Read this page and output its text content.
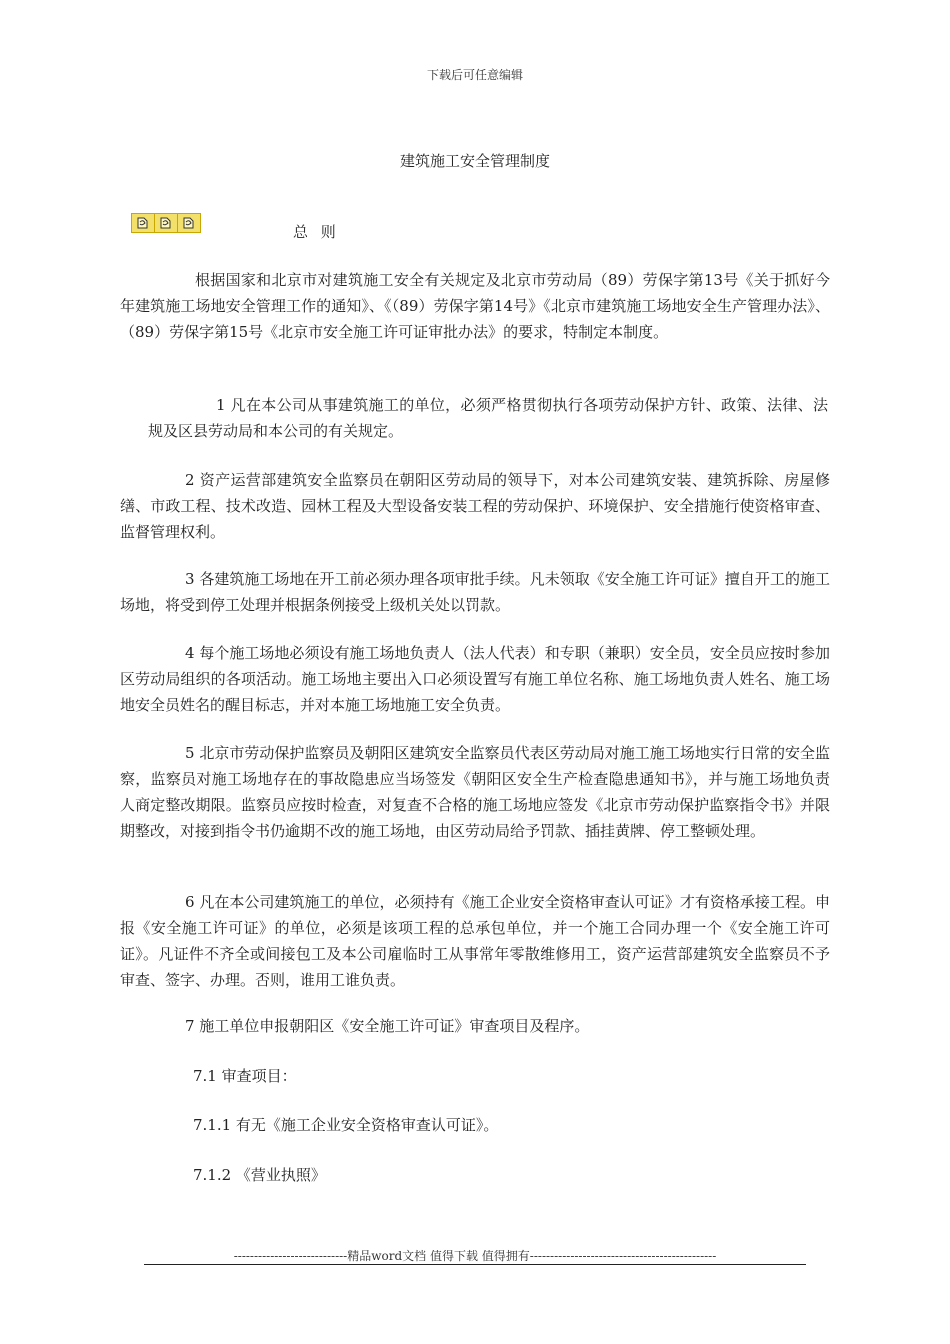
下载后可任意编辑
建筑施工安全管理制度
总 则

根据国家和北京市对建筑施工安全有关规定及北京市劳动局（89）劳保字第13号《关于抓好今年建筑施工场地安全管理工作的通知》、《（89）劳保字第14号》《北京市建筑施工场地安全生产管理办法》、（89）劳保字第15号《北京市安全施工许可证审批办法》的要求，特制定本制度。

1 凡在本公司从事建筑施工的单位，必须严格贯彻执行各项劳动保护方针、政策、法律、法规及区县劳动局和本公司的有关规定。

2 资产运营部建筑安全监察员在朝阳区劳动局的领导下，对本公司建筑安装、建筑拆除、房屋修缮、市政工程、技术改造、园林工程及大型设备安装工程的劳动保护、环境保护、安全措施行使资格审查、监督管理权利。

3 各建筑施工场地在开工前必须办理各项审批手续。凡未领取《安全施工许可证》擅自开工的施工场地，将受到停工处理并根据条例接受上级机关处以罚款。

4 每个施工场地必须设有施工场地负责人（法人代表）和专职（兼职）安全员，安全员应按时参加区劳动局组织的各项活动。施工场地主要出入口必须设置写有施工单位名称、施工场地负责人姓名、施工场地安全员姓名的醒目标志，并对本施工场地施工安全负责。

5 北京市劳动保护监察员及朝阳区建筑安全监察员代表区劳动局对施工施工场地实行日常的安全监察，监察员对施工场地存在的事故隐患应当场签发《朝阳区安全生产检查隐患通知书》，并与施工场地负责人商定整改期限。监察员应按时检查，对复查不合格的施工场地应签发《北京市劳动保护监察指令书》并限期整改，对接到指令书仍逾期不改的施工场地，由区劳动局给予罚款、插挂黄牌、停工整顿处理。

6 凡在本公司建筑施工的单位，必须持有《施工企业安全资格审查认可证》才有资格承接工程。申报《安全施工许可证》的单位，必须是该项工程的总承包单位，并一个施工合同办理一个《安全施工许可证》。凡证件不齐全或间接包工及本公司雇临时工从事常年零散维修用工，资产运营部建筑安全监察员不予审查、签字、办理。否则，谁用工谁负责。

7 施工单位申报朝阳区《安全施工许可证》审查项目及程序。

7.1 审查项目：

7.1.1 有无《施工企业安全资格审查认可证》。

7.1.2 《营业执照》

----------------------------精品word文档 值得下载 值得拥有----------------------------------------------
